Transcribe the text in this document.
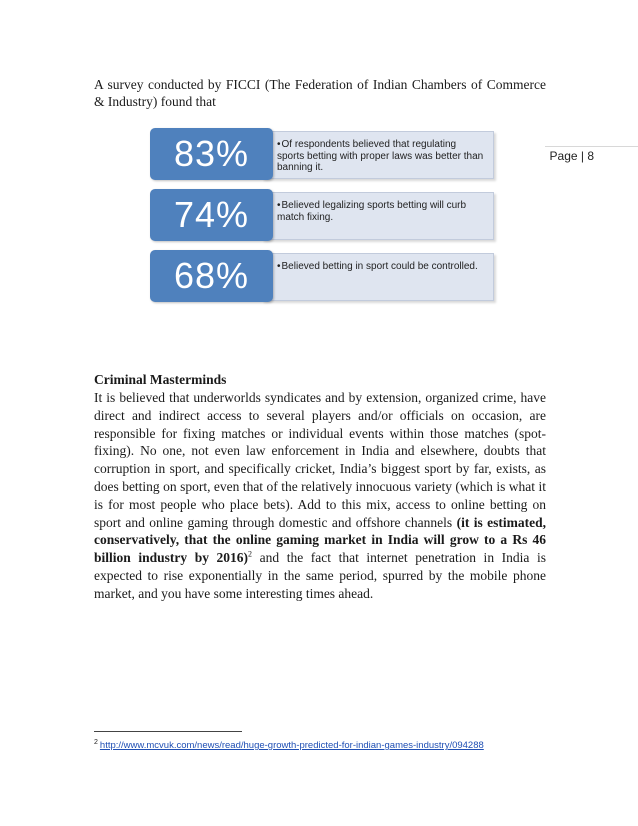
Page | 8

A survey conducted by FICCI (The Federation of Indian Chambers of Commerce & Industry) found that

•Of respondents believed that regulating sports betting with proper laws was better than banning it.
83%
•Believed legalizing sports betting will curb match fixing.
74%
•Believed betting in sport could be controlled.
68%
Criminal Masterminds

It is believed that underworlds syndicates and by extension, organized crime, have direct and indirect access to several players and/or officials on occasion, are responsible for fixing matches or individual events within those matches (spot-fixing). No one, not even law enforcement in India and elsewhere, doubts that corruption in sport, and specifically cricket, India’s biggest sport by far, exists, as does betting on sport, even that of the relatively innocuous variety (which is what it is for most people who place bets). Add to this mix, access to online betting on sport and online gaming through domestic and offshore channels (it is estimated, conservatively, that the online gaming market in India will grow to a Rs 46 billion industry by 2016)$^2$ and the fact that internet penetration in India is expected to rise exponentially in the same period, spurred by the mobile phone market, and you have some interesting times ahead.

$^2$ http://www.mcvuk.com/news/read/huge-growth-predicted-for-indian-games-industry/094288
